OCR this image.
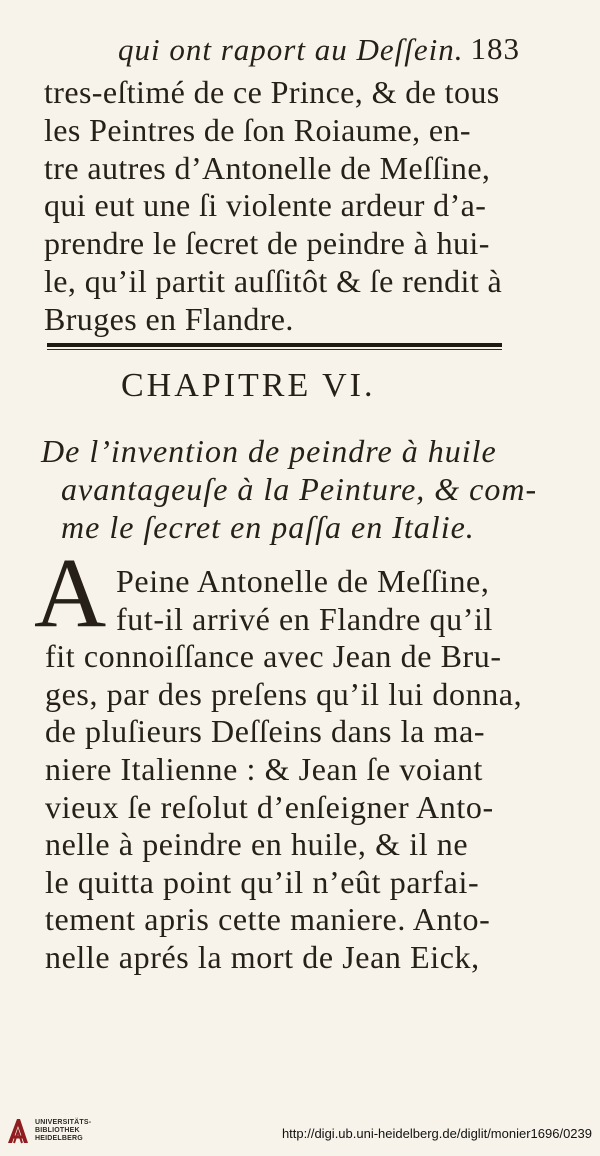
qui ont raport au Deſſein. 183
tres-eſtimé de ce Prince, & de tous
les Peintres de ſon Roiaume, en-
tre autres d’Antonelle de Meſſine,
qui eut une ſi violente ardeur d’a-
prendre le ſecret de peindre à hui-
le, qu’il partit auſſitôt & ſe rendit à
Bruges en Flandre.
CHAPITRE VI.
De l’invention de peindre à huile
avantageuſe à la Peinture, & com-
me le ſecret en paſſa en Italie.
A Peine Antonelle de Meſſine,
fut-il arrivé en Flandre qu’il
fit connoiſſance avec Jean de Bru-
ges, par des preſens qu’il lui donna,
de pluſieurs Deſſeins dans la ma-
niere Italienne : & Jean ſe voiant
vieux ſe reſolut d’enſeigner Anto-
nelle à peindre en huile, & il ne
le quitta point qu’il n’eût parfai-
tement apris cette maniere. Anto-
nelle aprés la mort de Jean Eick,
UNIVERSITÄTS-
BIBLIOTHEK
HEIDELBERG	http://digi.ub.uni-heidelberg.de/diglit/monier1696/0239
